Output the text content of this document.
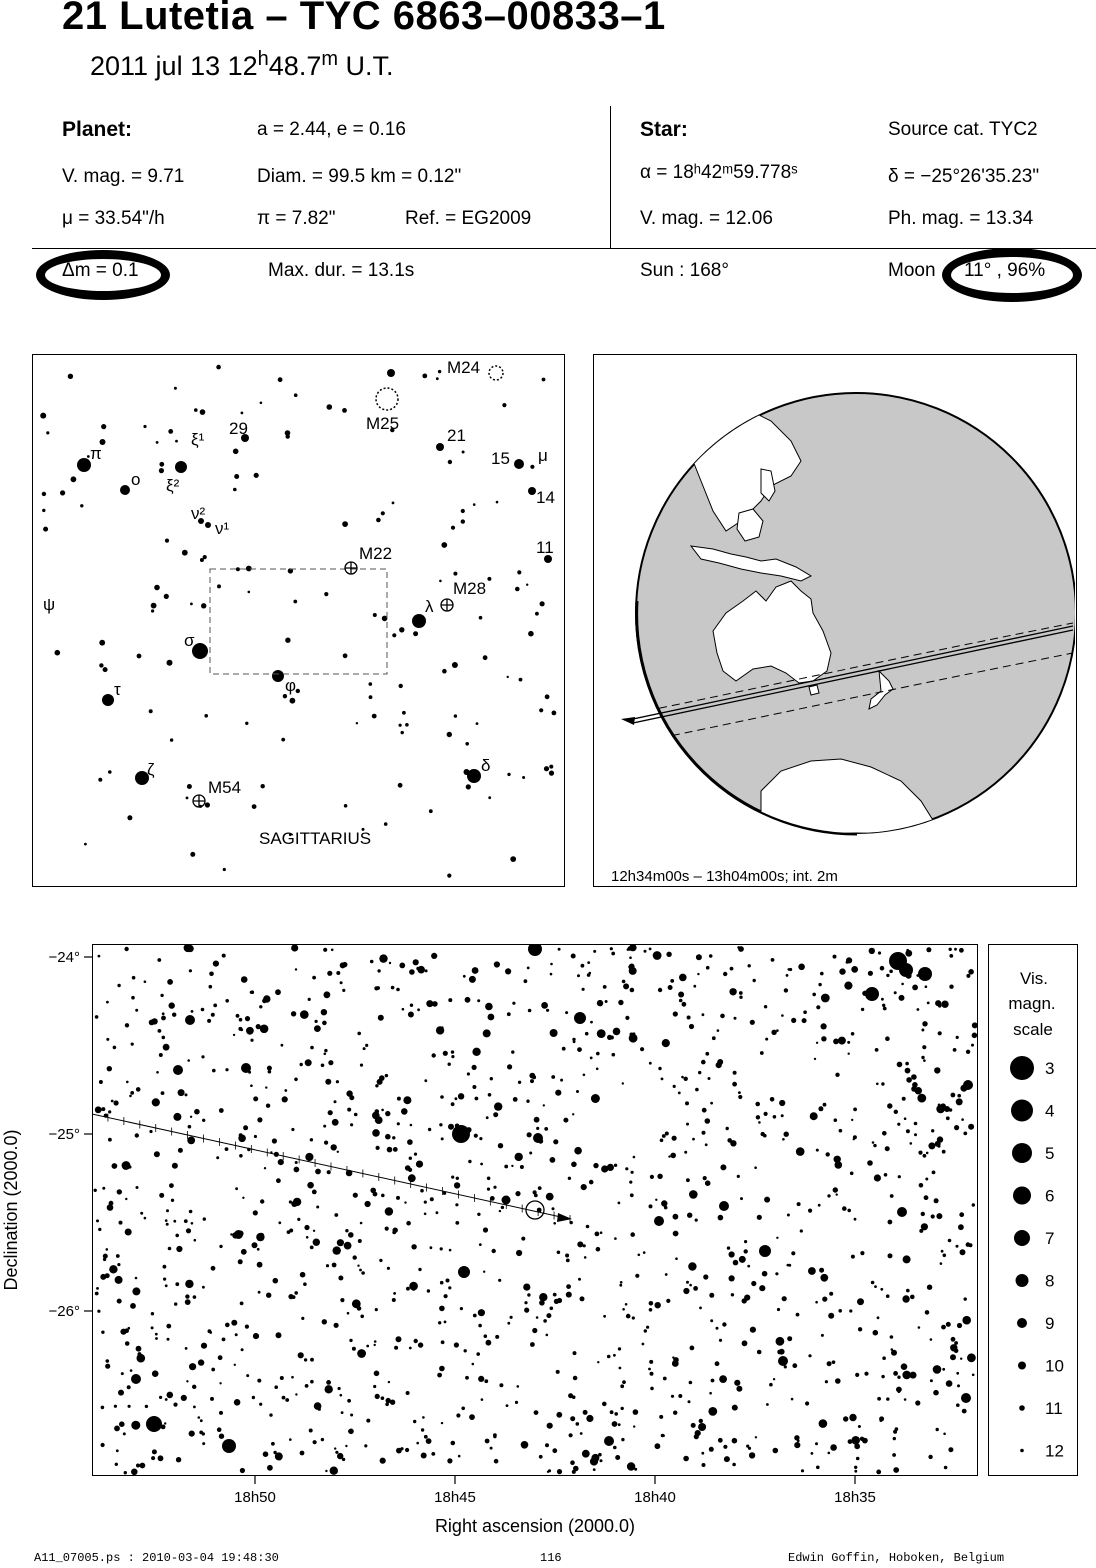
21 Lutetia – TYC 6863–00833–1
2011 jul 13 12$^h$48.7$^m$ U.T.
Planet:	a = 2.44, e = 0.16
V. mag. = 9.71	Diam. = 99.5 km = 0.12"
μ = 33.54"/h	π = 7.82"	Ref. = EG2009
Star:	Source cat. TYC2
α = 18ʰ42ᵐ59.778ˢ	δ = −25°26'35.23"
V. mag. = 12.06	Ph. mag. = 13.34
Δm = 0.1	Max. dur. = 13.1s	Sun : 168°	Moon 11° , 96%
M24
M25
29	21
15 μ
14
11
π
ξ¹
ο ξ²
ν²
ν¹
M22
M28
λ
ψ
σ
φ
τ
ζ	δ
M54
SAGITTARIUS
12h34m00s – 13h04m00s; int. 2m
−24°
−25°
−26°
18h50	18h45	18h40	18h35
Right ascension (2000.0)
Declination (2000.0)
Vis.
magn.
scale
3
4
5
6
7
8
9
10
11
12
A11_07005.ps : 2010-03-04 19:48:30	116	Edwin Goffin, Hoboken, Belgium
